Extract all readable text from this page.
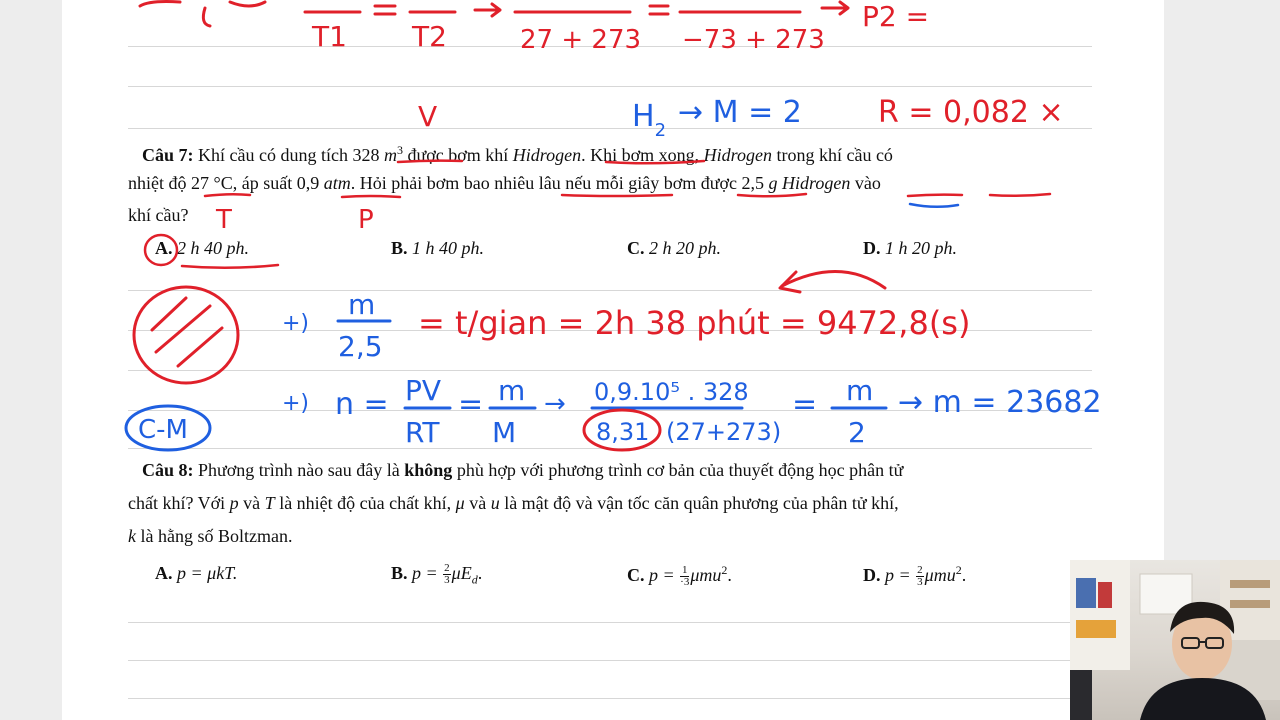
Câu 7: Khí cầu có dung tích 328 $m^3$ được bơm khí Hidrogen. Khi bơm xong, Hidrogen trong khí cầu có
nhiệt độ 27 °C, áp suất 0,9 atm. Hỏi phải bơm bao nhiêu lâu nếu mỗi giây bơm được 2,5 g Hidrogen vào
khí cầu?
A. 2 h 40 ph.	B. 1 h 40 ph.	C. 2 h 20 ph.	D. 1 h 20 ph.
Câu 8: Phương trình nào sau đây là không phù hợp với phương trình cơ bản của thuyết động học phân tử
chất khí? Với p và T là nhiệt độ của chất khí, μ và u là mật độ và vận tốc căn quân phương của phân tử khí,
k là hằng số Boltzman.
A. p = μkT.	B. $p = \frac{2}{3} \mu E_d$.	C. $p = \frac{1}{\cdot 3} \mu mu^2$.	D. $p = \frac{2}{3} \mu mu^2$.
27 + 273 −73 + 273
P2 =
T1 T2
V	$H_2$
→ M = 2	R = 0,082 ×
T	P
+)
m
2,5
= t/gian = 2h 38 phút = 9472,8(s)
+) n = PV
RT
= m
M
→ 0,9.10⁵ . 328
8,31 (27+273)
= m
2
→ m = 23682
C-M
